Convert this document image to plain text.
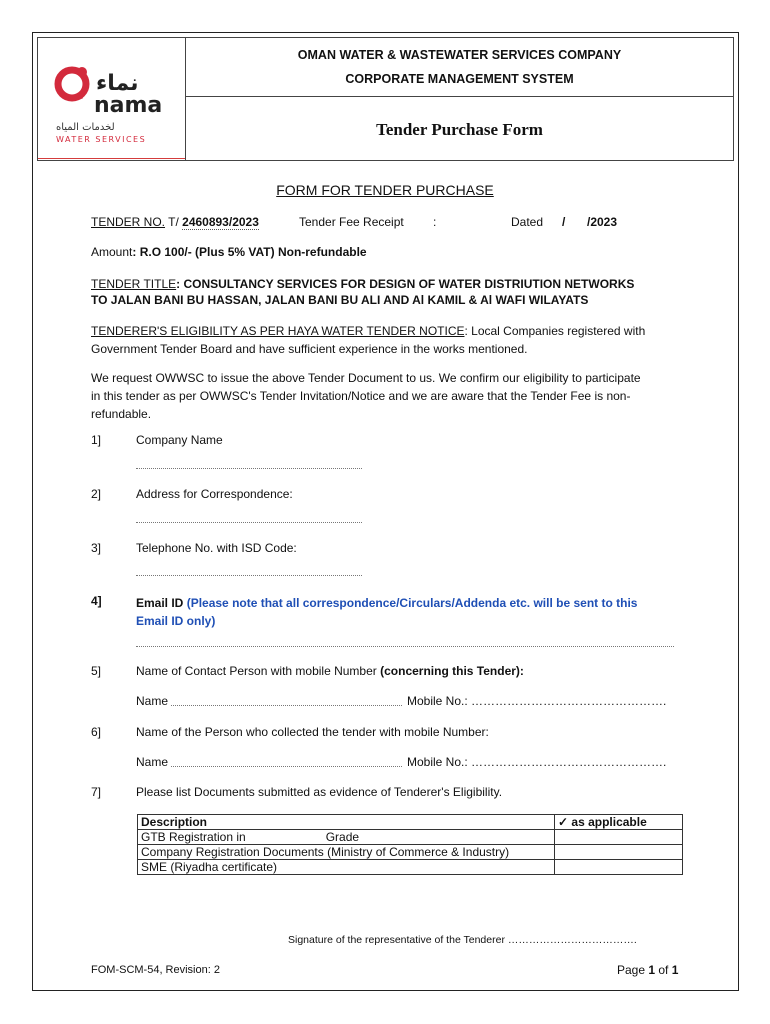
نماء
nama
لخدمات المياه
WATER SERVICES
OMAN WATER & WASTEWATER SERVICES COMPANY
CORPORATE MANAGEMENT SYSTEM
Tender Purchase Form
FORM FOR TENDER PURCHASE
TENDER NO. T/ 2460893/2023	Tender Fee Receipt :	Dated / /2023
Amount: R.O 100/- (Plus 5% VAT) Non-refundable
TENDER TITLE: CONSULTANCY SERVICES FOR DESIGN OF WATER DISTRIUTION NETWORKS
TO JALAN BANI BU HASSAN, JALAN BANI BU ALI AND Al KAMIL & Al WAFI WILAYATS
TENDERER'S ELIGIBILITY AS PER HAYA WATER TENDER NOTICE: Local Companies registered with
Government Tender Board and have sufficient experience in the works mentioned.
We request OWWSC to issue the above Tender Document to us. We confirm our eligibility to participate
in this tender as per OWWSC's Tender Invitation/Notice and we are aware that the Tender Fee is non-
refundable.
1]	Company Name
2]	Address for Correspondence:
3]	Telephone No. with ISD Code:
4]	Email ID (Please note that all correspondence/Circulars/Addenda etc. will be sent to this
Email ID only)
5]	Name of Contact Person with mobile Number (concerning this Tender):
Name	Mobile No.: ………………………………………….
6]	Name of the Person who collected the tender with mobile Number:
Name	Mobile No.: ………………………………………….
7]	Please list Documents submitted as evidence of Tenderer's Eligibility.
Description	✓ as applicable
GTB Registration in                        Grade	
Company Registration Documents (Ministry of Commerce & Industry)	
SME (Riyadha certificate)	
Signature of the representative of the Tenderer ……………………………….
FOM-SCM-54, Revision: 2	Page 1 of 1
